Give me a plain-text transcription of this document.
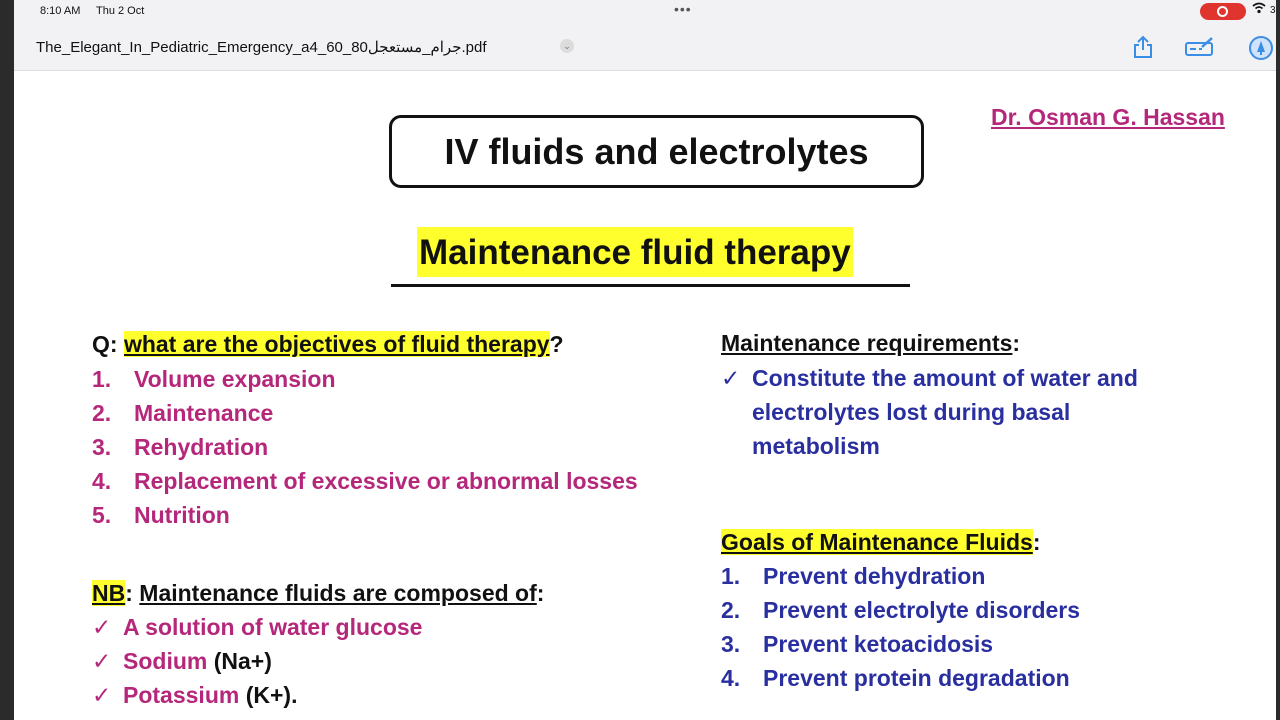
8:10 AM Thu 2 Oct	•••	3
The_Elegant_In_Pediatric_Emergency_a4_60_80جرام_مستعجل.pdf	⌄
Dr. Osman G. Hassan
IV fluids and electrolytes
Maintenance fluid therapy
Q: what are the objectives of fluid therapy?
1. Volume expansion
2. Maintenance
3. Rehydration
4. Replacement of excessive or abnormal losses
5. Nutrition
NB: Maintenance fluids are composed of:
✓ A solution of water glucose
✓ Sodium (Na+)
✓ Potassium (K+).
Maintenance requirements:
✓ Constitute the amount of water and
electrolytes lost during basal
metabolism
Goals of Maintenance Fluids:
1. Prevent dehydration
2. Prevent electrolyte disorders
3. Prevent ketoacidosis
4. Prevent protein degradation
